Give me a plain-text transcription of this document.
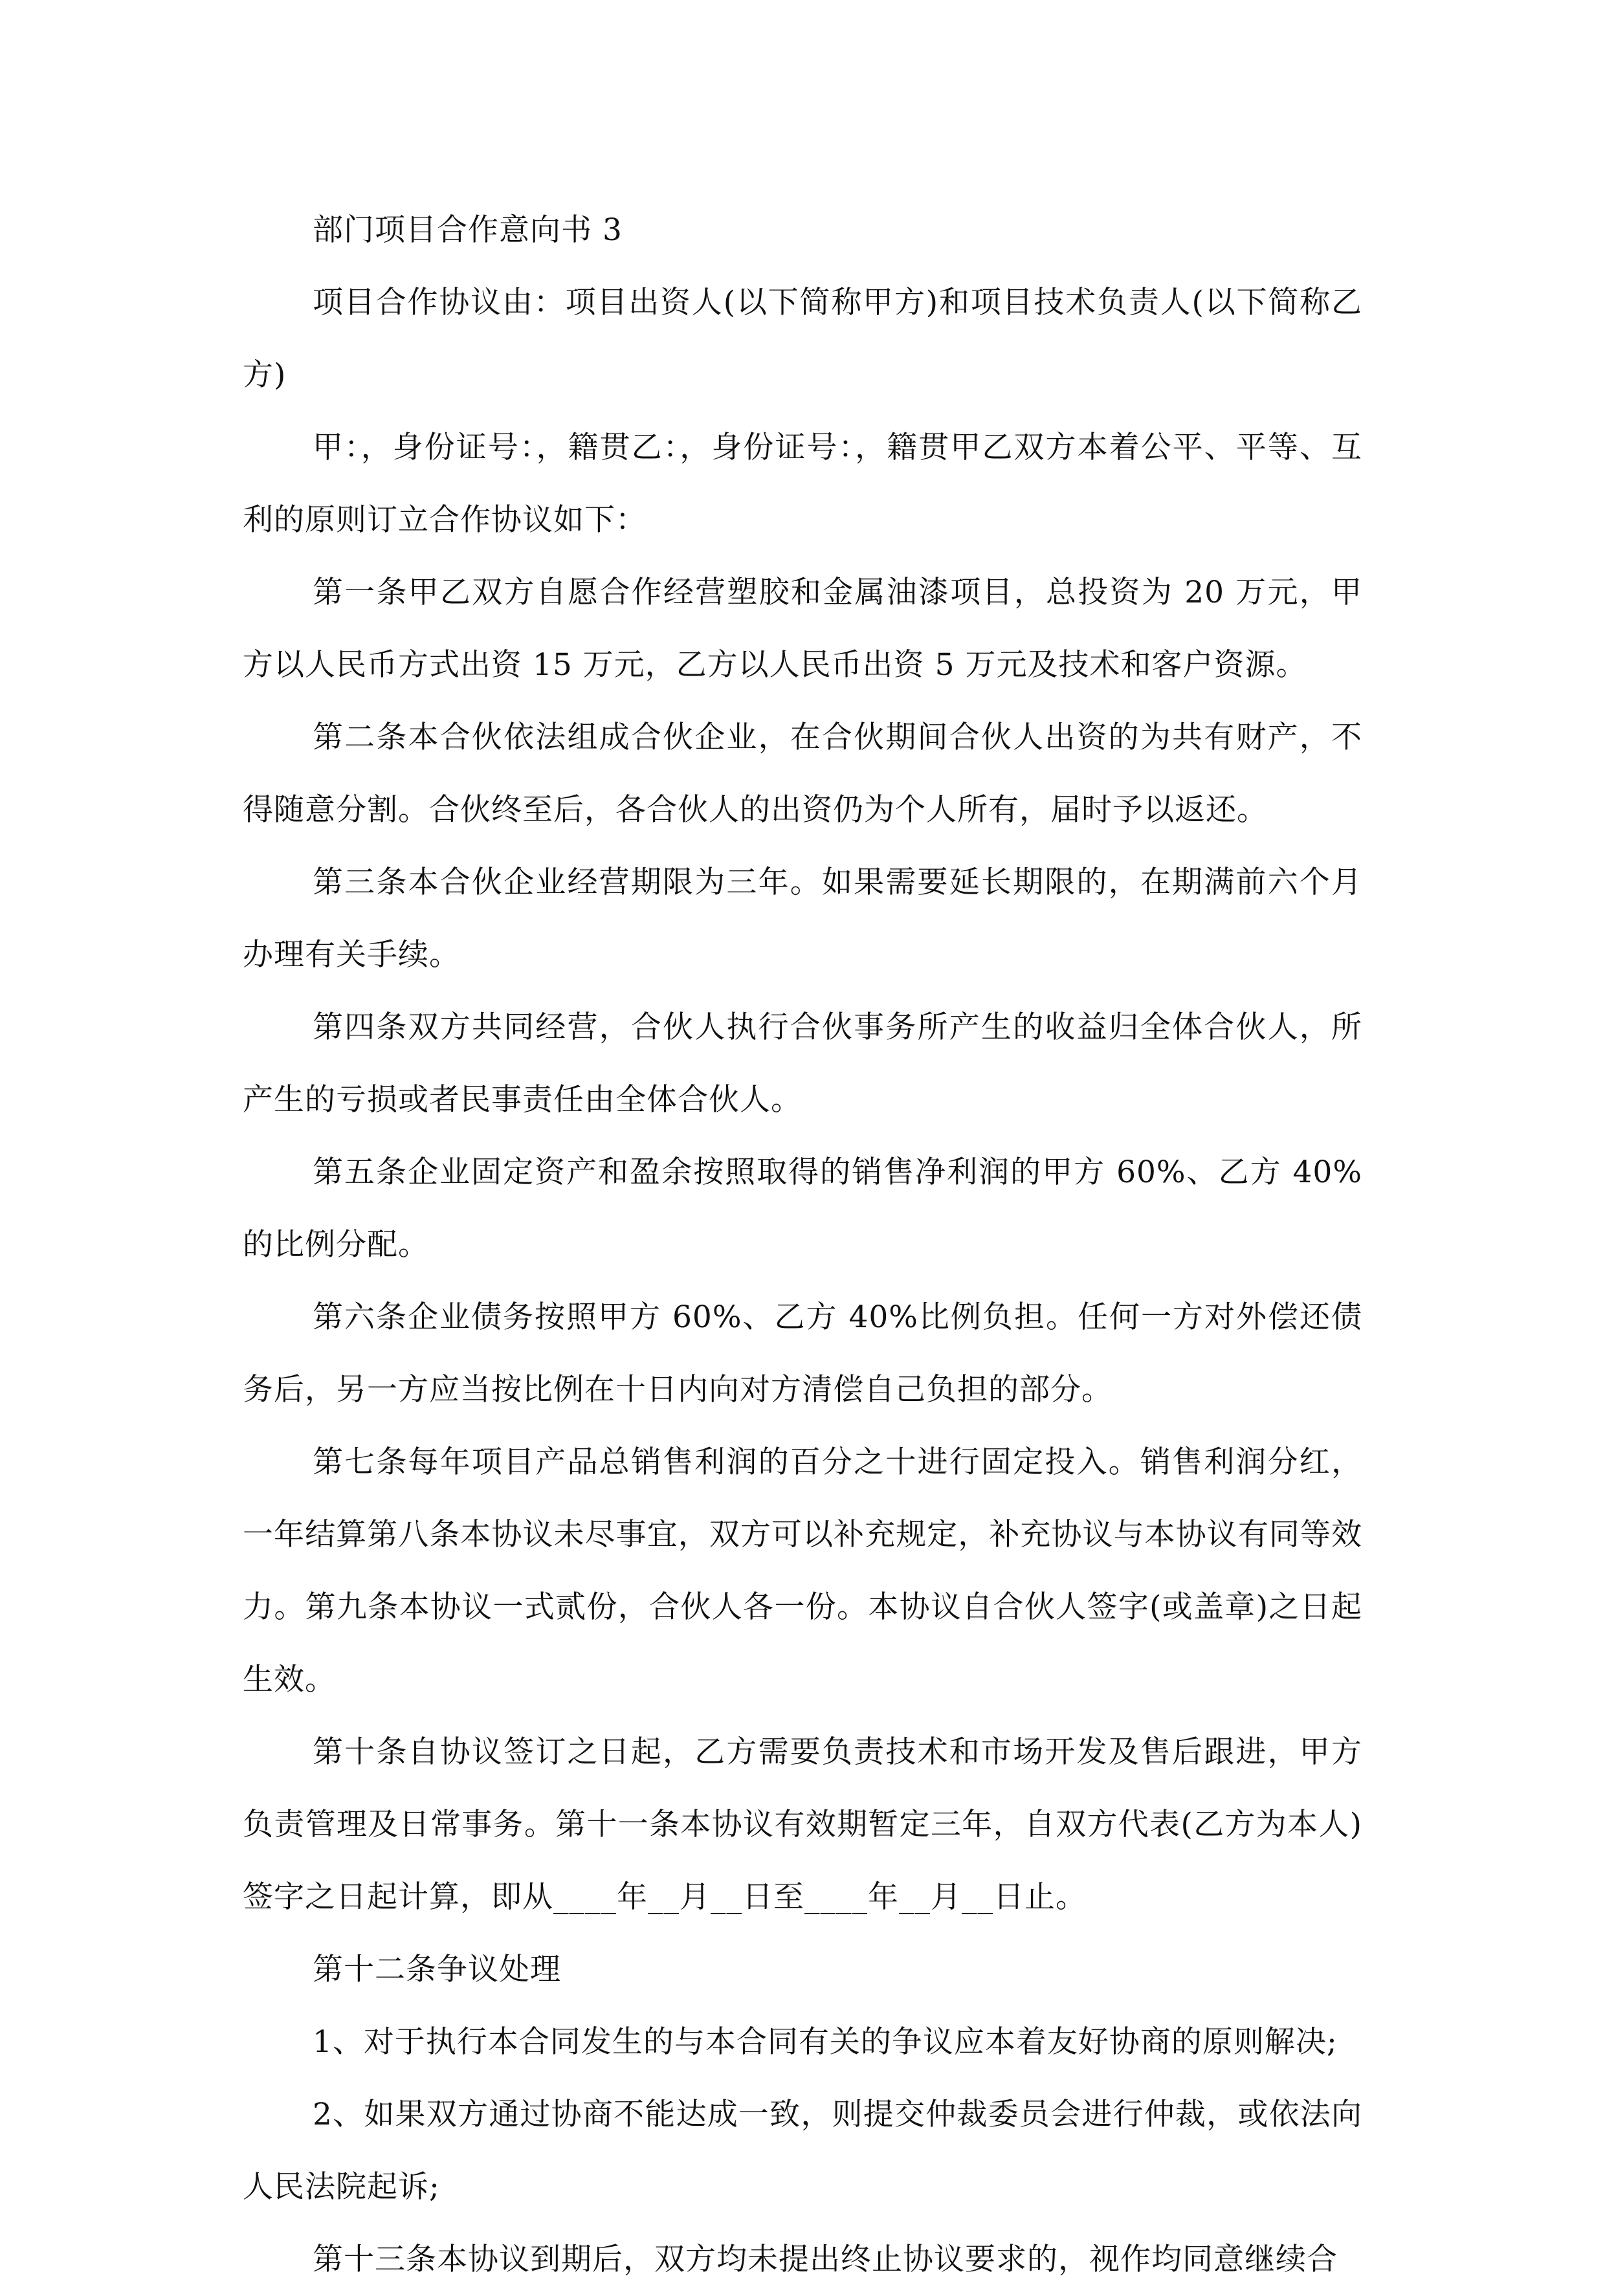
部门项目合作意向书 3

项目合作协议由：项目出资人(以下简称甲方)和项目技术负责人(以下简称乙方)

甲：，身份证号：，籍贯乙：，身份证号：，籍贯甲乙双方本着公平、平等、互利的原则订立合作协议如下：

第一条甲乙双方自愿合作经营塑胶和金属油漆项目，总投资为 20 万元，甲方以人民币方式出资 15 万元，乙方以人民币出资 5 万元及技术和客户资源。

第二条本合伙依法组成合伙企业，在合伙期间合伙人出资的为共有财产，不得随意分割。合伙终至后，各合伙人的出资仍为个人所有，届时予以返还。

第三条本合伙企业经营期限为三年。如果需要延长期限的，在期满前六个月办理有关手续。

第四条双方共同经营，合伙人执行合伙事务所产生的收益归全体合伙人，所产生的亏损或者民事责任由全体合伙人。

第五条企业固定资产和盈余按照取得的销售净利润的甲方 60%、乙方 40%的比例分配。

第六条企业债务按照甲方 60%、乙方 40%比例负担。任何一方对外偿还债务后，另一方应当按比例在十日内向对方清偿自己负担的部分。

第七条每年项目产品总销售利润的百分之十进行固定投入。销售利润分红，一年结算第八条本协议未尽事宜，双方可以补充规定，补充协议与本协议有同等效力。第九条本协议一式贰份，合伙人各一份。本协议自合伙人签字(或盖章)之日起生效。

第十条自协议签订之日起，乙方需要负责技术和市场开发及售后跟进，甲方负责管理及日常事务。第十一条本协议有效期暂定三年，自双方代表(乙方为本人)签字之日起计算，即从____年__月__日至____年__月__日止。

第十二条争议处理

1、对于执行本合同发生的与本合同有关的争议应本着友好协商的原则解决;

2、如果双方通过协商不能达成一致，则提交仲裁委员会进行仲裁，或依法向人民法院起诉;

第十三条本协议到期后，双方均未提出终止协议要求的，视作均同意继续合
